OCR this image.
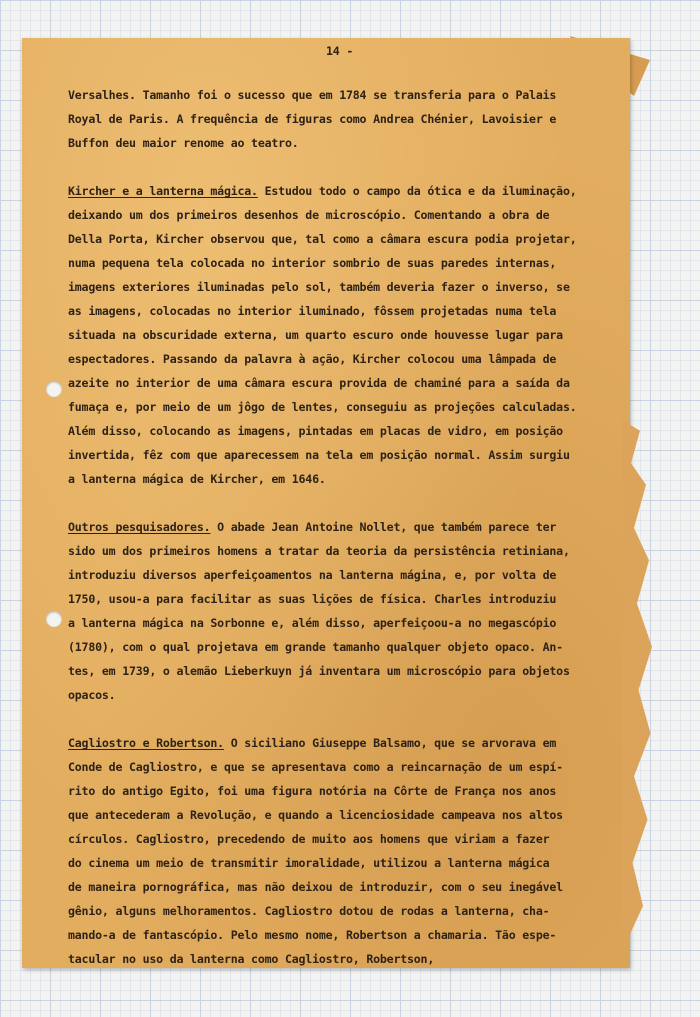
14 -
Versalhes. Tamanho foi o sucesso que em 1784 se transferia para o Palais
Royal de Paris. A frequência de figuras como Andrea Chénier, Lavoisier e
Buffon deu maior renome ao teatro.
Kircher e a lanterna mágica. Estudou todo o campo da ótica e da iluminação,
deixando um dos primeiros desenhos de microscópio. Comentando a obra de
Della Porta, Kircher observou que, tal como a câmara escura podia projetar,
numa pequena tela colocada no interior sombrio de suas paredes internas,
imagens exteriores iluminadas pelo sol, também deveria fazer o inverso, se
as imagens, colocadas no interior iluminado, fôssem projetadas numa tela
situada na obscuridade externa, um quarto escuro onde houvesse lugar para
espectadores. Passando da palavra à ação, Kircher colocou uma lâmpada de
azeite no interior de uma câmara escura provida de chaminé para a saída da
fumaça e, por meio de um jôgo de lentes, conseguiu as projeções calculadas.
Além disso, colocando as imagens, pintadas em placas de vidro, em posição
invertida, fêz com que aparecessem na tela em posição normal. Assim surgiu
a lanterna mágica de Kircher, em 1646.
Outros pesquisadores. O abade Jean Antoine Nollet, que também parece ter
sido um dos primeiros homens a tratar da teoria da persistência retiniana,
introduziu diversos aperfeiçoamentos na lanterna mágina, e, por volta de
1750, usou-a para facilitar as suas lições de física. Charles introduziu
a lanterna mágica na Sorbonne e, além disso, aperfeiçoou-a no megascópio
(1780), com o qual projetava em grande tamanho qualquer objeto opaco. An-
tes, em 1739, o alemão Lieberkuyn já inventara um microscópio para objetos
opacos.
Cagliostro e Robertson. O siciliano Giuseppe Balsamo, que se arvorava em
Conde de Cagliostro, e que se apresentava como a reincarnação de um espí-
rito do antigo Egito, foi uma figura notória na Côrte de França nos anos
que antecederam a Revolução, e quando a licenciosidade campeava nos altos
círculos. Cagliostro, precedendo de muito aos homens que viriam a fazer
do cinema um meio de transmitir imoralidade, utilizou a lanterna mágica
de maneira pornográfica, mas não deixou de introduzir, com o seu inegável
gênio, alguns melhoramentos. Cagliostro dotou de rodas a lanterna, cha-
mando-a de fantascópio. Pelo mesmo nome, Robertson a chamaria. Tão espe-
tacular no uso da lanterna como Cagliostro, Robertson,
